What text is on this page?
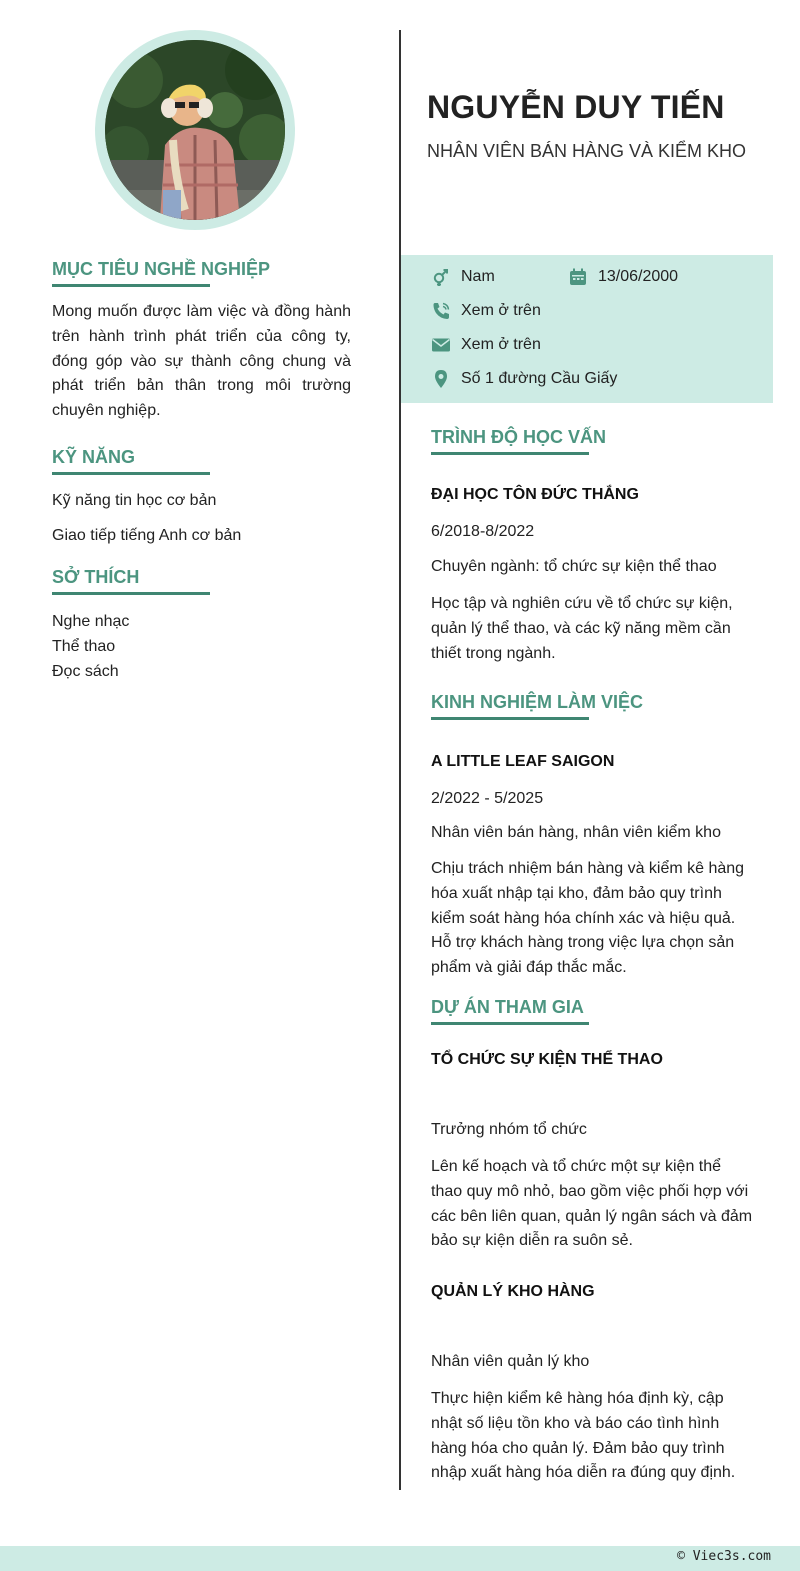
MỤC TIÊU NGHỀ NGHIỆP
Mong muốn được làm việc và đồng hành trên hành trình phát triển của công ty, đóng góp vào sự thành công chung và phát triển bản thân trong môi trường chuyên nghiệp.
KỸ NĂNG
Kỹ năng tin học cơ bản
Giao tiếp tiếng Anh cơ bản
SỞ THÍCH
Nghe nhạc
Thể thao
Đọc sách
NGUYỄN DUY TIẾN
NHÂN VIÊN BÁN HÀNG VÀ KIỂM KHO
Nam	13/06/2000
Xem ở trên
Xem ở trên
Số 1 đường Cầu Giấy
TRÌNH ĐỘ HỌC VẤN
ĐẠI HỌC TÔN ĐỨC THẮNG
6/2018-8/2022
Chuyên ngành: tổ chức sự kiện thể thao
Học tập và nghiên cứu về tổ chức sự kiện, quản lý thể thao, và các kỹ năng mềm cần thiết trong ngành.
KINH NGHIỆM LÀM VIỆC
A LITTLE LEAF SAIGON
2/2022 - 5/2025
Nhân viên bán hàng, nhân viên kiểm kho
Chịu trách nhiệm bán hàng và kiểm kê hàng hóa xuất nhập tại kho, đảm bảo quy trình kiểm soát hàng hóa chính xác và hiệu quả. Hỗ trợ khách hàng trong việc lựa chọn sản phẩm và giải đáp thắc mắc.
DỰ ÁN THAM GIA
TỔ CHỨC SỰ KIỆN THỂ THAO
Trưởng nhóm tổ chức
Lên kế hoạch và tổ chức một sự kiện thể thao quy mô nhỏ, bao gồm việc phối hợp với các bên liên quan, quản lý ngân sách và đảm bảo sự kiện diễn ra suôn sẻ.
QUẢN LÝ KHO HÀNG
Nhân viên quản lý kho
Thực hiện kiểm kê hàng hóa định kỳ, cập nhật số liệu tồn kho và báo cáo tình hình hàng hóa cho quản lý. Đảm bảo quy trình nhập xuất hàng hóa diễn ra đúng quy định.
© Viec3s.com
